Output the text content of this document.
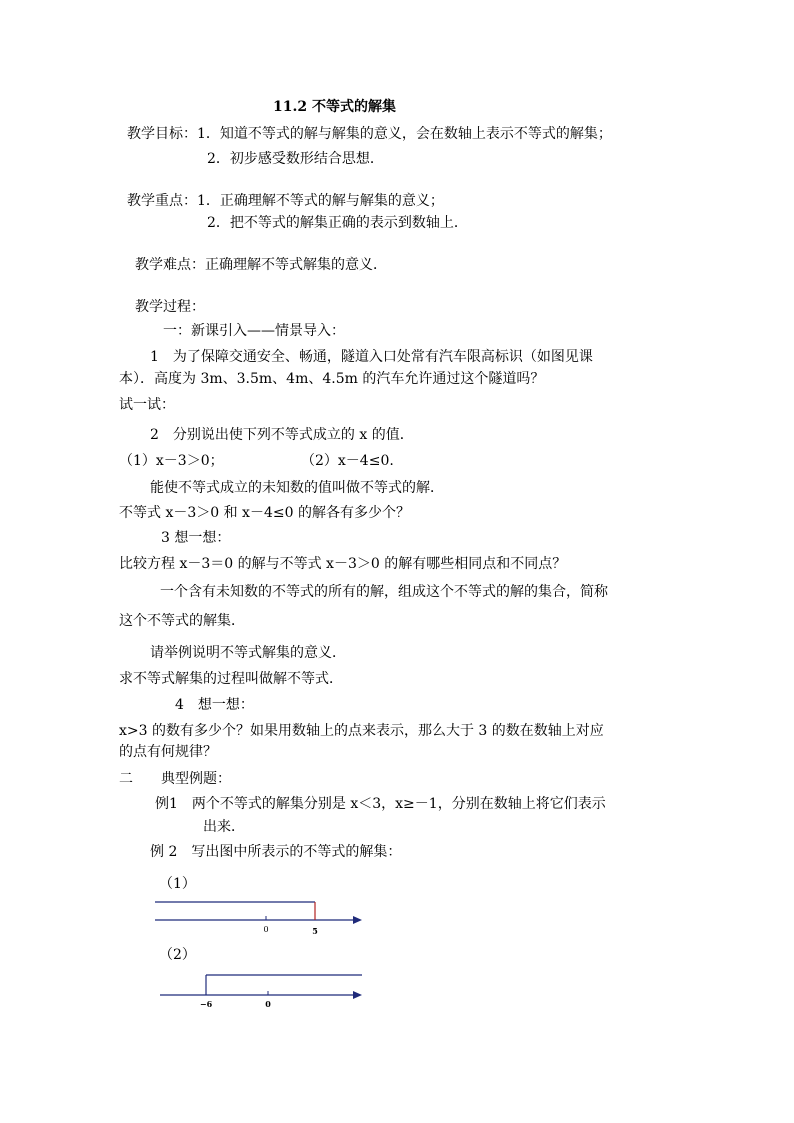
11.2 不等式的解集
教学目标：1．知道不等式的解与解集的意义，会在数轴上表示不等式的解集；
2．初步感受数形结合思想．
教学重点：1．正确理解不等式的解与解集的意义；
2．把不等式的解集正确的表示到数轴上．
教学难点：正确理解不等式解集的意义．
教学过程：
一：新课引入——情景导入：
1　为了保障交通安全、畅通，隧道入口处常有汽车限高标识（如图见课
本）．高度为 3m、3.5m、4m、4.5m 的汽车允许通过这个隧道吗？
试一试：
2　分别说出使下列不等式成立的 x 的值．
（1）x－3＞0；	（2）x－4≤0.
能使不等式成立的未知数的值叫做不等式的解．
不等式 x－3＞0 和 x－4≤0 的解各有多少个？
3 想一想：
比较方程 x－3＝0 的解与不等式 x－3＞0 的解有哪些相同点和不同点？
一个含有未知数的不等式的所有的解，组成这个不等式的解的集合，简称
这个不等式的解集．
请举例说明不等式解集的意义．
求不等式解集的过程叫做解不等式．
4　想一想：
x>3 的数有多少个？如果用数轴上的点来表示，那么大于 3 的数在数轴上对应
的点有何规律？
二　　典型例题：
例1　两个不等式的解集分别是 x＜3，x≥－1，分别在数轴上将它们表示
出来．
例 2　写出图中所表示的不等式的解集：
（1）
0	5
（2）
−6	0
